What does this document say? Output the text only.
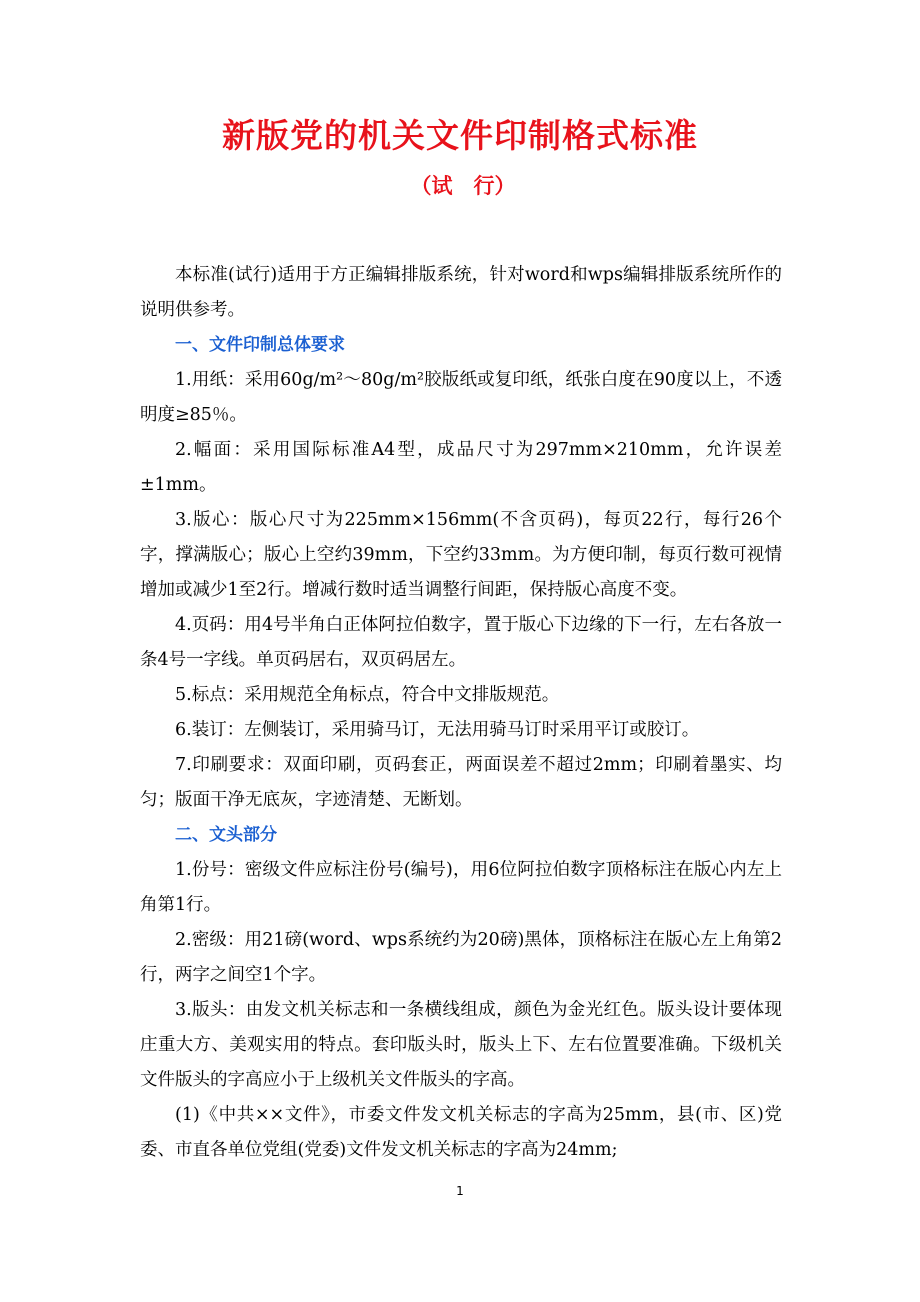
新版党的机关文件印制格式标准
（试　行）

本标准(试行)适用于方正编辑排版系统，针对word和wps编辑排版系统所作的说明供参考。

一、文件印制总体要求

1.用纸：采用60g/m²～80g/m²胶版纸或复印纸，纸张白度在90度以上，不透明度≥85％。

2.幅面：采用国际标准A4型，成品尺寸为297mm×210mm，允许误差±1mm。

3.版心：版心尺寸为225mm×156mm(不含页码)，每页22行，每行26个字，撑满版心；版心上空约39mm，下空约33mm。为方便印制，每页行数可视情增加或减少1至2行。增减行数时适当调整行间距，保持版心高度不变。

4.页码：用4号半角白正体阿拉伯数字，置于版心下边缘的下一行，左右各放一条4号一字线。单页码居右，双页码居左。

5.标点：采用规范全角标点，符合中文排版规范。

6.装订：左侧装订，采用骑马订，无法用骑马订时采用平订或胶订。

7.印刷要求：双面印刷，页码套正，两面误差不超过2mm；印刷着墨实、均匀；版面干净无底灰，字迹清楚、无断划。

二、文头部分

1.份号：密级文件应标注份号(编号)，用6位阿拉伯数字顶格标注在版心内左上角第1行。

2.密级：用21磅(word、wps系统约为20磅)黑体，顶格标注在版心左上角第2行，两字之间空1个字。

3.版头：由发文机关标志和一条横线组成，颜色为金光红色。版头设计要体现庄重大方、美观实用的特点。套印版头时，版头上下、左右位置要准确。下级机关文件版头的字高应小于上级机关文件版头的字高。

(1)《中共××文件》，市委文件发文机关标志的字高为25mm，县(市、区)党委、市直各单位党组(党委)文件发文机关标志的字高为24mm;

1
